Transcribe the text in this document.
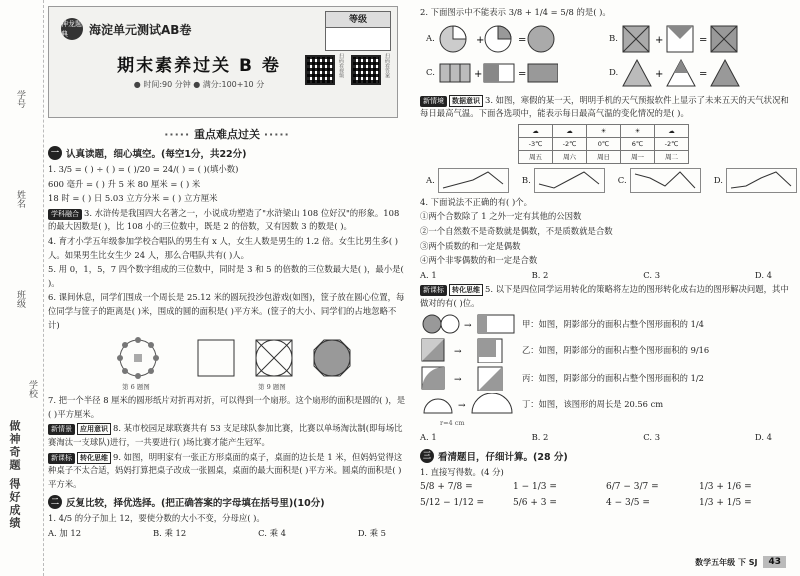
学号
姓名
班级
学校
做神奇题 得好成绩
神龙题典	海淀单元测试AB卷
等级
期末素养过关 B 卷
● 时间:90 分钟 ● 满分:100+10 分
扫码看视频	扫码看答案
····· 重点难点过关 ·····
一 认真读题，细心填空。(每空1分，共22分)
1. 3/5 = ( ) ÷ ( ) = ( )/20 = 24/( ) = ( )(填小数)
600 毫升 = ( ) 升 5 米 80 厘米 = ( ) 米
18 时 = ( ) 日 5.03 立方分米 = ( ) 立方厘米
学科融合 3. 水浒传是我国四大名著之一，小说成功塑造了"水浒梁山 108 位好汉"的形象。108 的最大因数是( )，比 108 小的三位数中，既是 2 的倍数，又有因数 3 的数是( )。
4. 育才小学五年级参加学校合唱队的男生有 x 人，女生人数是男生的 1.2 倍。女生比男生多( )人。如果男生比女生少 24 人，那么合唱队共有( )人。
5. 用 0，1，5，7 四个数字组成的三位数中，同时是 3 和 5 的倍数的三位数最大是( )，最小是( )。
6. 课间休息，同学们围成一个周长是 25.12 米的圆玩投沙包游戏(如图)，筐子放在圆心位置，每位同学与筐子的距离是( )米，围成的圆的面积是( )平方米。(筐子的大小、同学们的占地忽略不计)
第 6 题图	第 9 题图
7. 把一个半径 8 厘米的圆形纸片对折再对折，可以得到一个扇形。这个扇形的面积是圆的( )，是( )平方厘米。
新情景 应用意识 8. 某市校园足球联赛共有 53 支足球队参加比赛，比赛以单场淘汰制(即每场比赛淘汰一支球队)进行，一共要进行( )场比赛才能产生冠军。
新课标 转化思维 9. 如图，明明家有一张正方形桌面的桌子，桌面的边长是 1 米，但妈妈觉得这种桌子不太合适，妈妈打算把桌子改成一张圆桌，桌面的最大面积是( )平方米。圆桌的面积是( )平方米。
二 反复比较，择优选择。(把正确答案的字母填在括号里)(10分)
1. 4/5 的分子加上 12，要使分数的大小不变，分母应( )。
A. 加 12	B. 乘 12	C. 乘 4	D. 乘 5
2. 下面图示中不能表示 3/8 + 1/4 = 5/8 的是( )。
A.	+	=	B.	+	=
C.	+	=	D.	+	=
新情境 数据意识 3. 如图，寒假的某一天，明明手机的天气预报软件上显示了未来五天的天气状况和每日最高气温。下面各选项中，能表示每日最高气温的变化情况的是( )。
☁	☁	☀	☀	☁
-3℃	-2℃	0℃	6℃	-2℃
周五	周六	周日	周一	周二
A.	B.	C.	D.
4. 下面说法不正确的有( )个。
①两个合数除了 1 之外一定有其他的公因数
②一个自然数不是奇数就是偶数，不是质数就是合数
③两个质数的和一定是偶数
④两个非零偶数的和一定是合数
A. 1	B. 2	C. 3	D. 4
新课标 转化思维 5. 以下是四位同学运用转化的策略将左边的图形转化成右边的图形解决问题，其中做对的有( )位。
→	甲：如图，阴影部分的面积占整个图形面积的 1/4
→	乙：如图，阴影部分的面积占整个图形面积的 9/16
→	丙：如图，阴影部分的面积占整个图形面积的 1/2
→	丁：如图，该图形的周长是 20.56 cm
r=4 cm
A. 1	B. 2	C. 3	D. 4
三 看清题目，仔细计算。(28 分)
1. 直接写得数。(4 分)
5/8 + 7/8 =	1 − 1/3 =	6/7 − 3/7 =	1/3 + 1/6 =
5/12 − 1/12 =	5/6 + 3 =	4 − 3/5 =	1/3 + 1/5 =
数学五年级 下 SJ	43
